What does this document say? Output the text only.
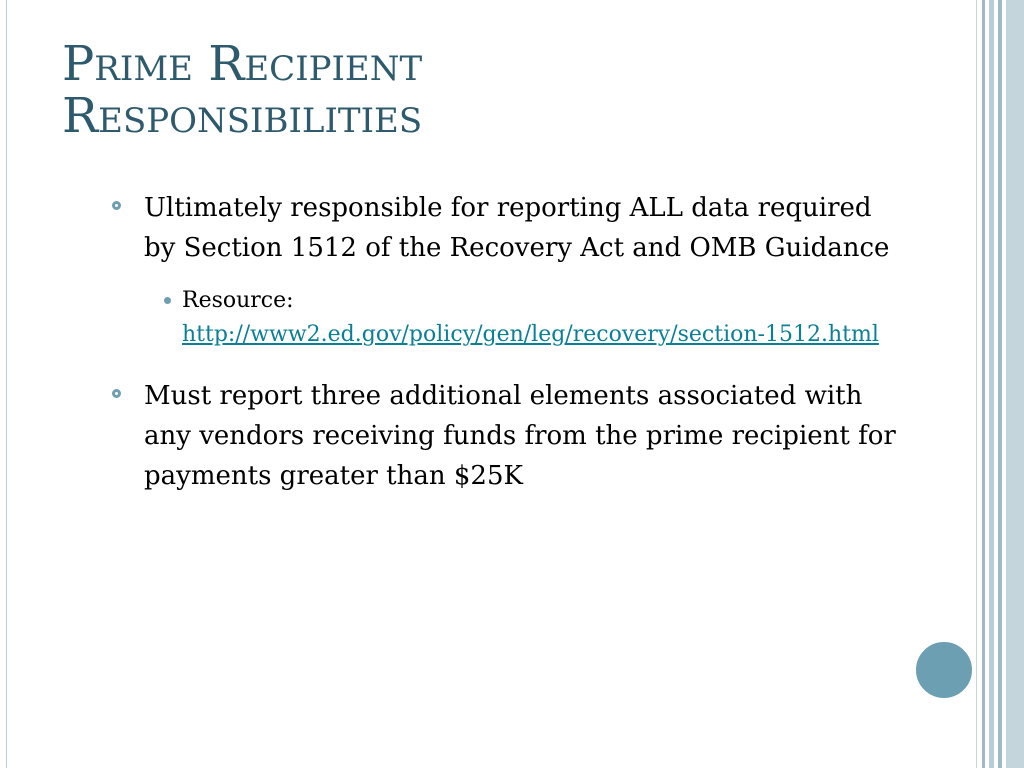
Prime Recipient
Responsibilities
Ultimately responsible for reporting ALL data required by Section 1512 of the Recovery Act and OMB Guidance
Resource:
http://www2.ed.gov/policy/gen/leg/recovery/section-1512.html
Must report three additional elements associated with any vendors receiving funds from the prime recipient for payments greater than $25K
